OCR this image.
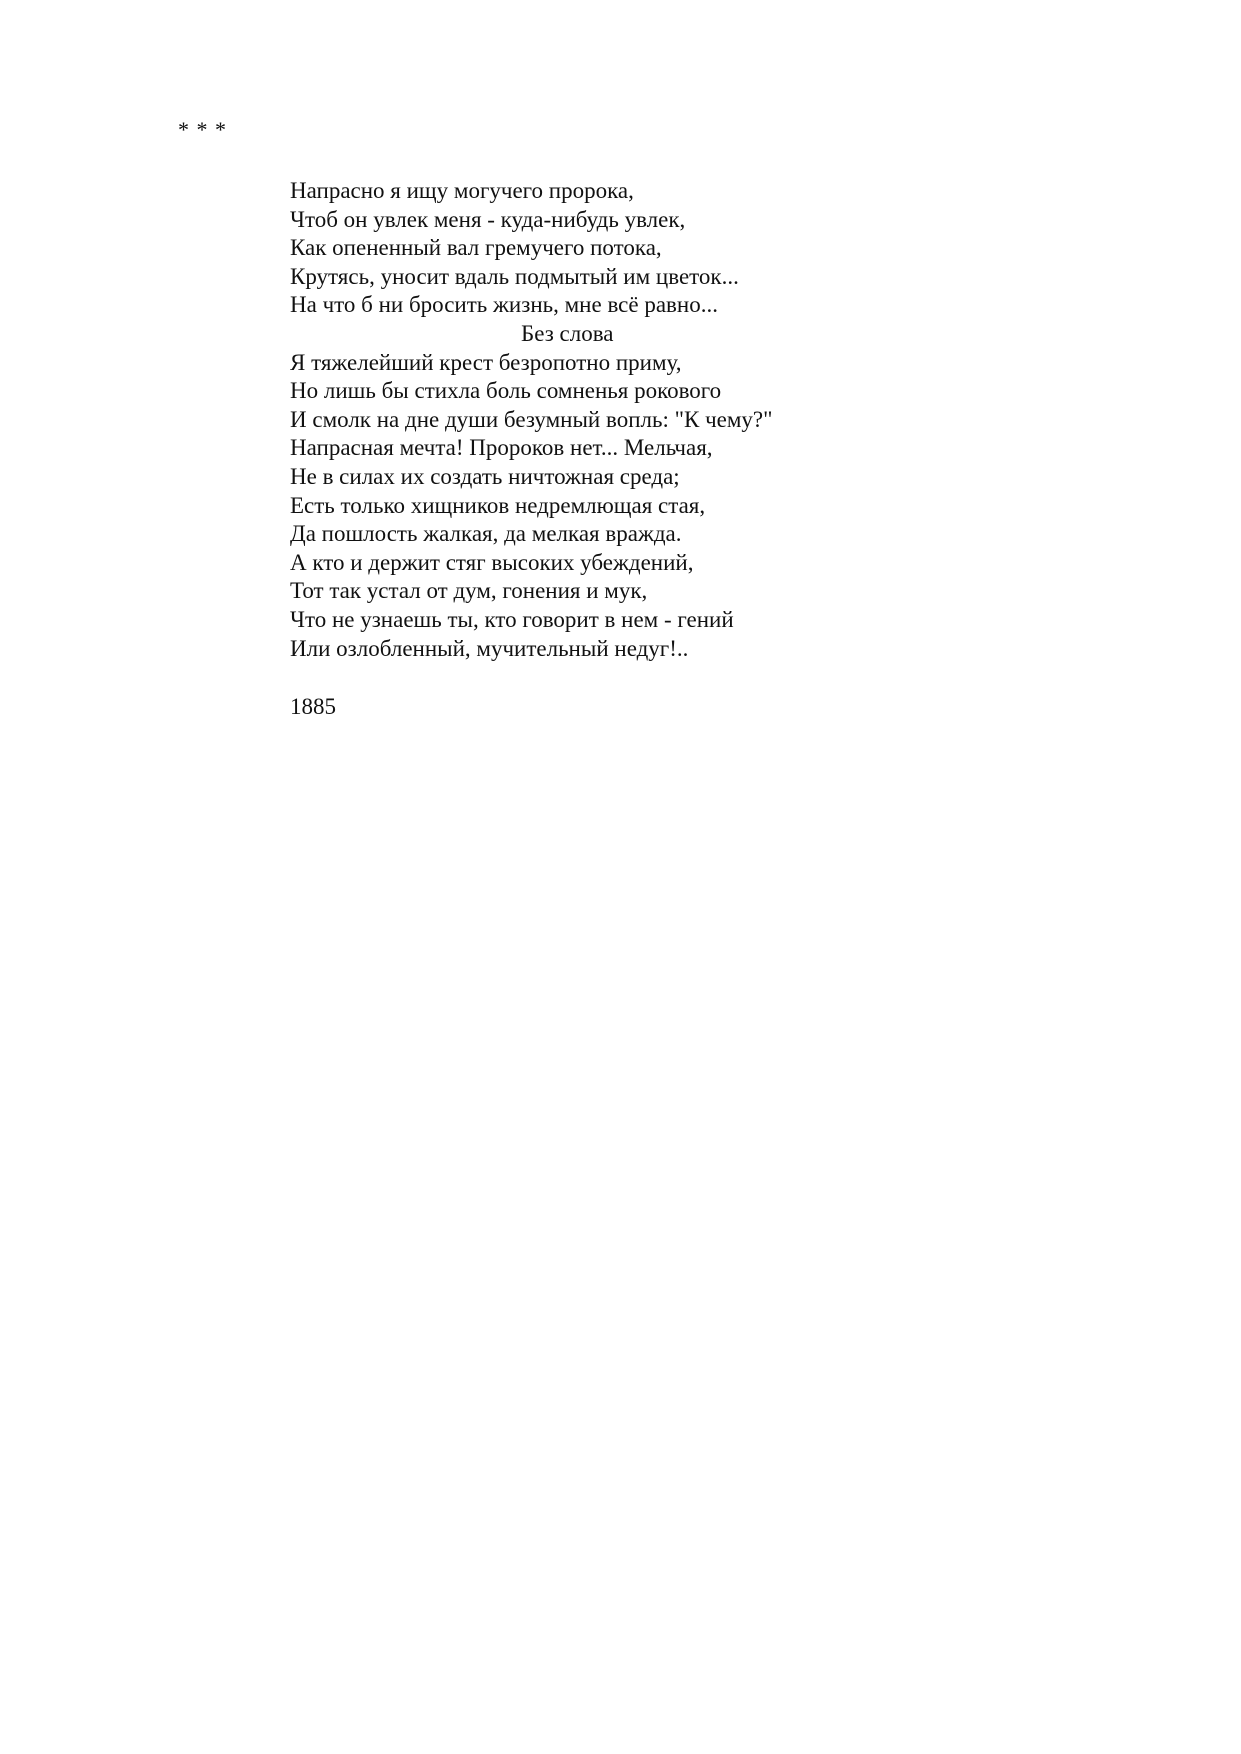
* * *
Напрасно я ищу могучего пророка,
Чтоб он увлек меня - куда-нибудь увлек,
Как опененный вал гремучего потока,
Крутясь, уносит вдаль подмытый им цветок...
На что б ни бросить жизнь, мне всё равно...
Без слова
Я тяжелейший крест безропотно приму,
Но лишь бы стихла боль сомненья рокового
И смолк на дне души безумный вопль: "К чему?"
Напрасная мечта! Пророков нет... Мельчая,
Не в силах их создать ничтожная среда;
Есть только хищников недремлющая стая,
Да пошлость жалкая, да мелкая вражда.
А кто и держит стяг высоких убеждений,
Тот так устал от дум, гонения и мук,
Что не узнаешь ты, кто говорит в нем - гений
Или озлобленный, мучительный недуг!..
1885
